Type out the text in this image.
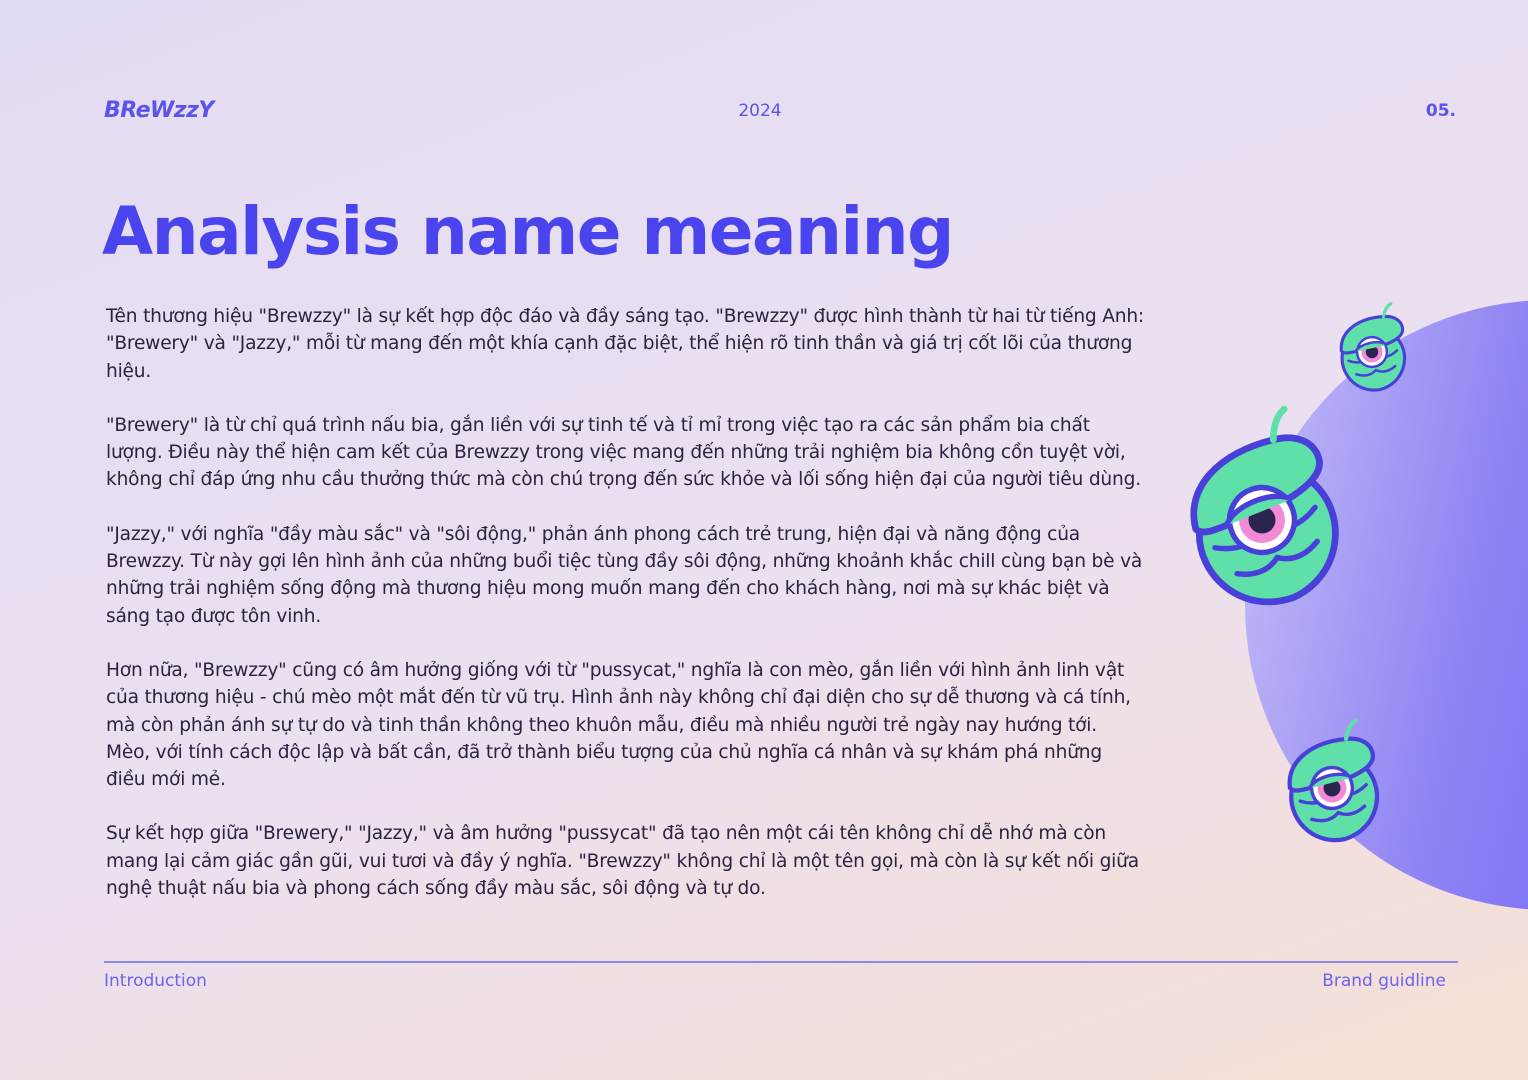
BReWzzY	2024	05.
Analysis name meaning

Tên thương hiệu "Brewzzy" là sự kết hợp độc đáo và đầy sáng tạo. "Brewzzy" được hình thành từ hai từ tiếng Anh: "Brewery" và "Jazzy," mỗi từ mang đến một khía cạnh đặc biệt, thể hiện rõ tinh thần và giá trị cốt lõi của thương hiệu.

"Brewery" là từ chỉ quá trình nấu bia, gắn liền với sự tinh tế và tỉ mỉ trong việc tạo ra các sản phẩm bia chất lượng. Điều này thể hiện cam kết của Brewzzy trong việc mang đến những trải nghiệm bia không cồn tuyệt vời, không chỉ đáp ứng nhu cầu thưởng thức mà còn chú trọng đến sức khỏe và lối sống hiện đại của người tiêu dùng.

"Jazzy," với nghĩa "đầy màu sắc" và "sôi động," phản ánh phong cách trẻ trung, hiện đại và năng động của Brewzzy. Từ này gợi lên hình ảnh của những buổi tiệc tùng đầy sôi động, những khoảnh khắc chill cùng bạn bè và những trải nghiệm sống động mà thương hiệu mong muốn mang đến cho khách hàng, nơi mà sự khác biệt và sáng tạo được tôn vinh.

Hơn nữa, "Brewzzy" cũng có âm hưởng giống với từ "pussycat," nghĩa là con mèo, gắn liền với hình ảnh linh vật của thương hiệu - chú mèo một mắt đến từ vũ trụ. Hình ảnh này không chỉ đại diện cho sự dễ thương và cá tính, mà còn phản ánh sự tự do và tinh thần không theo khuôn mẫu, điều mà nhiều người trẻ ngày nay hướng tới. Mèo, với tính cách độc lập và bất cần, đã trở thành biểu tượng của chủ nghĩa cá nhân và sự khám phá những điều mới mẻ.

Sự kết hợp giữa "Brewery," "Jazzy," và âm hưởng "pussycat" đã tạo nên một cái tên không chỉ dễ nhớ mà còn mang lại cảm giác gần gũi, vui tươi và đầy ý nghĩa. "Brewzzy" không chỉ là một tên gọi, mà còn là sự kết nối giữa nghệ thuật nấu bia và phong cách sống đầy màu sắc, sôi động và tự do.

Introduction	Brand guidline
